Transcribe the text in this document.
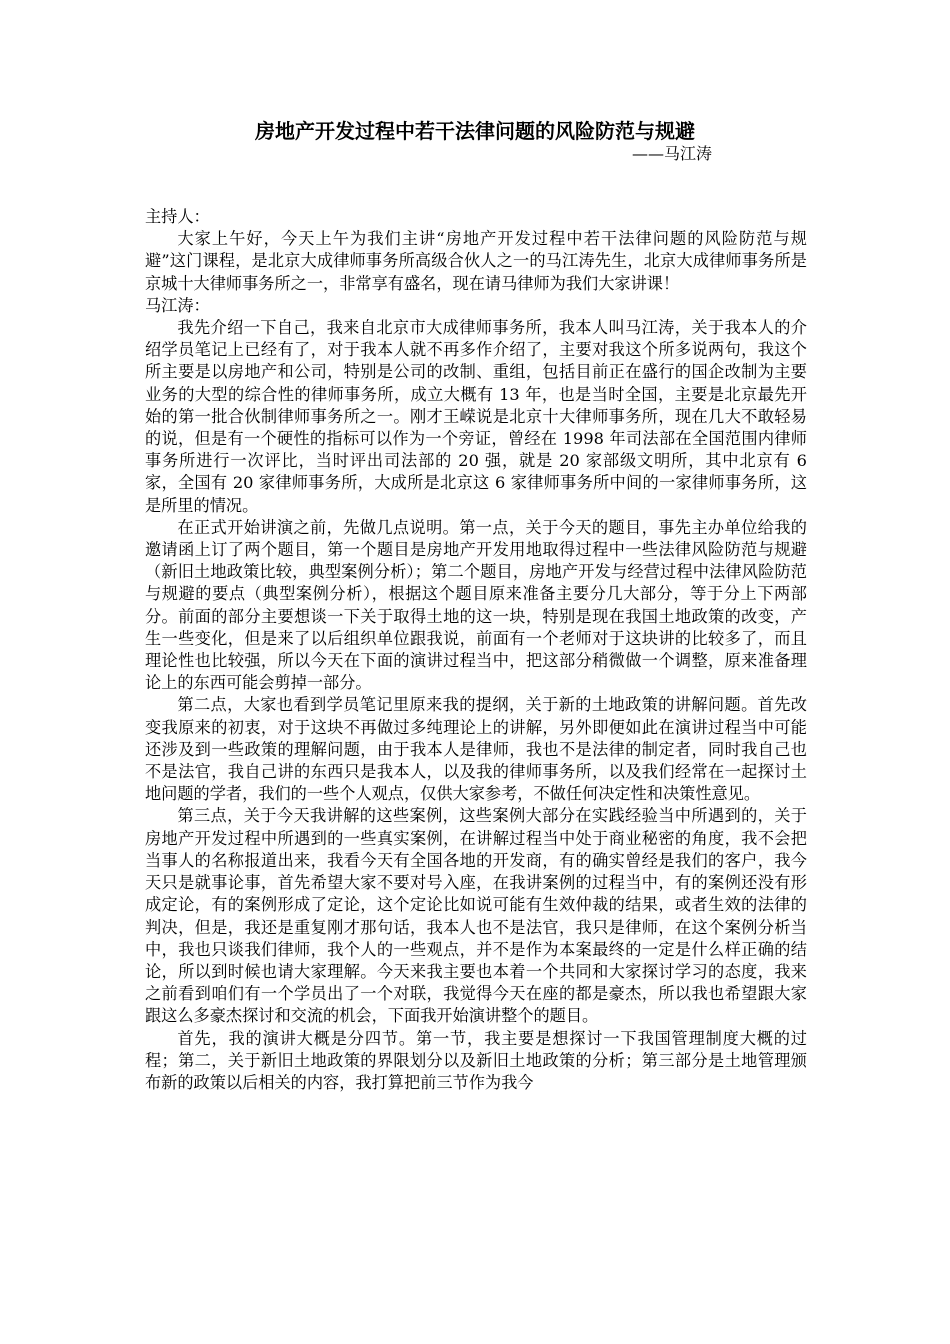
房地产开发过程中若干法律问题的风险防范与规避
——马江涛

主持人：

大家上午好，今天上午为我们主讲“房地产开发过程中若干法律问题的风险防范与规避”这门课程，是北京大成律师事务所高级合伙人之一的马江涛先生，北京大成律师事务所是京城十大律师事务所之一，非常享有盛名，现在请马律师为我们大家讲课！

马江涛：

我先介绍一下自己，我来自北京市大成律师事务所，我本人叫马江涛，关于我本人的介绍学员笔记上已经有了，对于我本人就不再多作介绍了，主要对我这个所多说两句，我这个所主要是以房地产和公司，特别是公司的改制、重组，包括目前正在盛行的国企改制为主要业务的大型的综合性的律师事务所，成立大概有 13 年，也是当时全国，主要是北京最先开始的第一批合伙制律师事务所之一。刚才王嵘说是北京十大律师事务所，现在几大不敢轻易的说，但是有一个硬性的指标可以作为一个旁证，曾经在 1998 年司法部在全国范围内律师事务所进行一次评比，当时评出司法部的 20 强，就是 20 家部级文明所，其中北京有 6 家，全国有 20 家律师事务所，大成所是北京这 6 家律师事务所中间的一家律师事务所，这是所里的情况。

在正式开始讲演之前，先做几点说明。第一点，关于今天的题目，事先主办单位给我的邀请函上订了两个题目，第一个题目是房地产开发用地取得过程中一些法律风险防范与规避（新旧土地政策比较，典型案例分析）；第二个题目，房地产开发与经营过程中法律风险防范与规避的要点（典型案例分析），根据这个题目原来准备主要分几大部分，等于分上下两部分。前面的部分主要想谈一下关于取得土地的这一块，特别是现在我国土地政策的改变，产生一些变化，但是来了以后组织单位跟我说，前面有一个老师对于这块讲的比较多了，而且理论性也比较强，所以今天在下面的演讲过程当中，把这部分稍微做一个调整，原来准备理论上的东西可能会剪掉一部分。

第二点，大家也看到学员笔记里原来我的提纲，关于新的土地政策的讲解问题。首先改变我原来的初衷，对于这块不再做过多纯理论上的讲解，另外即便如此在演讲过程当中可能还涉及到一些政策的理解问题，由于我本人是律师，我也不是法律的制定者，同时我自己也不是法官，我自己讲的东西只是我本人，以及我的律师事务所，以及我们经常在一起探讨土地问题的学者，我们的一些个人观点，仅供大家参考，不做任何决定性和决策性意见。

第三点，关于今天我讲解的这些案例，这些案例大部分在实践经验当中所遇到的，关于房地产开发过程中所遇到的一些真实案例，在讲解过程当中处于商业秘密的角度，我不会把当事人的名称报道出来，我看今天有全国各地的开发商，有的确实曾经是我们的客户，我今天只是就事论事，首先希望大家不要对号入座，在我讲案例的过程当中，有的案例还没有形成定论，有的案例形成了定论，这个定论比如说可能有生效仲裁的结果，或者生效的法律的判决，但是，我还是重复刚才那句话，我本人也不是法官，我只是律师，在这个案例分析当中，我也只谈我们律师，我个人的一些观点，并不是作为本案最终的一定是什么样正确的结论，所以到时候也请大家理解。今天来我主要也本着一个共同和大家探讨学习的态度，我来之前看到咱们有一个学员出了一个对联，我觉得今天在座的都是豪杰，所以我也希望跟大家跟这么多豪杰探讨和交流的机会，下面我开始演讲整个的题目。

首先，我的演讲大概是分四节。第一节，我主要是想探讨一下我国管理制度大概的过程；第二，关于新旧土地政策的界限划分以及新旧土地政策的分析；第三部分是土地管理颁布新的政策以后相关的内容，我打算把前三节作为我今
